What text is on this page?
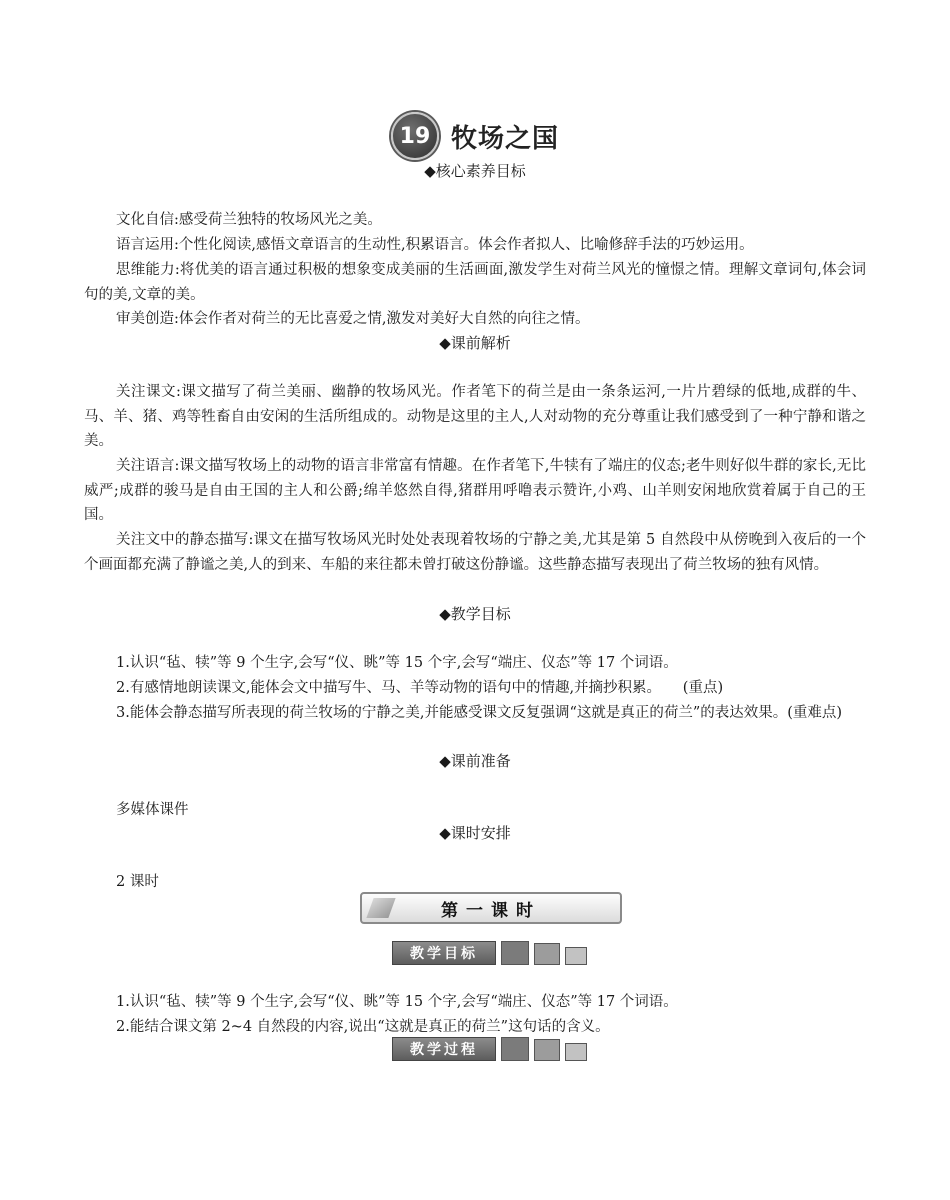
19 牧场之国
◆核心素养目标

文化自信:感受荷兰独特的牧场风光之美。

语言运用:个性化阅读,感悟文章语言的生动性,积累语言。体会作者拟人、比喻修辞手法的巧妙运用。

思维能力:将优美的语言通过积极的想象变成美丽的生活画面,激发学生对荷兰风光的憧憬之情。理解文章词句,体会词句的美,文章的美。

审美创造:体会作者对荷兰的无比喜爱之情,激发对美好大自然的向往之情。

◆课前解析

关注课文:课文描写了荷兰美丽、幽静的牧场风光。作者笔下的荷兰是由一条条运河,一片片碧绿的低地,成群的牛、马、羊、猪、鸡等牲畜自由安闲的生活所组成的。动物是这里的主人,人对动物的充分尊重让我们感受到了一种宁静和谐之美。

关注语言:课文描写牧场上的动物的语言非常富有情趣。在作者笔下,牛犊有了端庄的仪态;老牛则好似牛群的家长,无比威严;成群的骏马是自由王国的主人和公爵;绵羊悠然自得,猪群用呼噜表示赞许,小鸡、山羊则安闲地欣赏着属于自己的王国。

关注文中的静态描写:课文在描写牧场风光时处处表现着牧场的宁静之美,尤其是第 5 自然段中从傍晚到入夜后的一个个画面都充满了静谧之美,人的到来、车船的来往都未曾打破这份静谧。这些静态描写表现出了荷兰牧场的独有风情。

◆教学目标

1.认识“毡、犊”等 9 个生字,会写“仪、眺”等 15 个字,会写“端庄、仪态”等 17 个词语。

2.有感情地朗读课文,能体会文中描写牛、马、羊等动物的语句中的情趣,并摘抄积累。　　(重点)

3.能体会静态描写所表现的荷兰牧场的宁静之美,并能感受课文反复强调“这就是真正的荷兰”的表达效果。(重难点)

◆课前准备

多媒体课件

◆课时安排

2 课时

第一课时
教学目标

1.认识“毡、犊”等 9 个生字,会写“仪、眺”等 15 个字,会写“端庄、仪态”等 17 个词语。

2.能结合课文第 2~4 自然段的内容,说出“这就是真正的荷兰”这句话的含义。

教学过程
